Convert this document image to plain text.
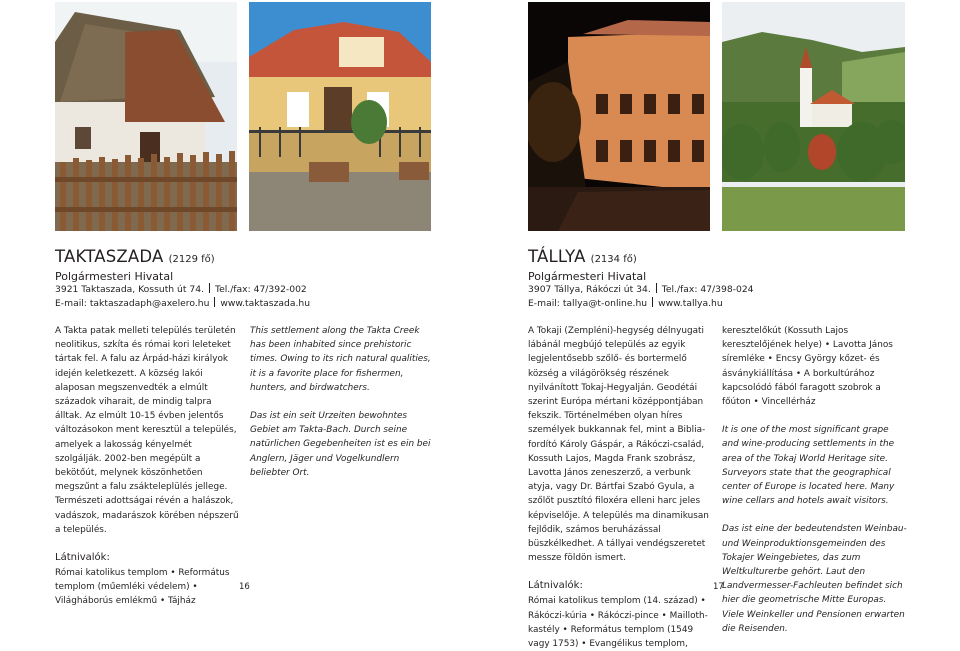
TAKTASZADA (2129 fő)
Polgármesteri Hivatal
3921 Taktaszada, Kossuth út 74. Tel./fax: 47/392-002
E-mail: taktaszadaph@axelero.hu www.taktaszada.hu
TÁLLYA (2134 fő)
Polgármesteri Hivatal
3907 Tállya, Rákóczi út 34. Tel./fax: 47/398-024
E-mail: tallya@t-online.hu www.tallya.hu

A Takta patak melleti település területén neolitikus, szkíta és római kori leleteket tártak fel. A falu az Árpád-házi királyok idején keletkezett. A község lakói alaposan megszenvedték a elmúlt századok viharait, de mindig talpra álltak. Az elmúlt 10-15 évben jelentős változásokon ment keresztül a település, amelyek a lakosság kényelmét szolgálják. 2002-ben megépült a bekötőút, melynek köszönhetően megszűnt a falu zsákteleplülés jellege. Természeti adottságai révén a halászok, vadászok, madarászok körében népszerű a település.

Látnivalók:

Római katolikus templom • Református templom (műemléki védelem) • Világháborús emlékmű • Tájház

This settlement along the Takta Creek has been inhabited since prehistoric times. Owing to its rich natural qualities, it is a favorite place for fishermen, hunters, and birdwatchers.

Das ist ein seit Urzeiten bewohntes Gebiet am Takta-Bach. Durch seine natürlichen Gegebenheiten ist es ein bei Anglern, Jäger und Vogelkundlern beliebter Ort.

A Tokaji (Zempléni)-hegység délnyugati lábánál megbújó település az egyik legjelentősebb szőlő- és bortermelő község a világörökség részének nyilvánított Tokaj-Hegyalján. Geodétái szerint Európa mértani középpontjában fekszik. Történelmében olyan híres személyek bukkannak fel, mint a Biblia-fordító Károly Gáspár, a Rákóczi-család, Kossuth Lajos, Magda Frank szobrász, Lavotta János zeneszerző, a verbunk atyja, vagy Dr. Bártfai Szabó Gyula, a szőlőt pusztító filoxéra elleni harc jeles képviselője. A település ma dinamikusan fejlődik, számos beruházással büszkélkedhet. A tállyai vendégszeretet messze földön ismert.

Látnivalók:

Római katolikus templom (14. század) • Rákóczi-kúria • Rákóczi-pince • Mailloth-kastély • Református templom (1549 vagy 1753) • Evangélikus templom,

keresztelőkút (Kossuth Lajos keresztelőjének helye) • Lavotta János síremléke • Encsy György kőzet- és ásványkiállítása • A borkultúrához kapcsolódó fából faragott szobrok a főúton • Vincellérház

It is one of the most significant grape and wine-producing settlements in the area of the Tokaj World Heritage site. Surveyors state that the geographical center of Europe is located here. Many wine cellars and hotels await visitors.

Das ist eine der bedeutendsten Weinbau- und Weinproduktionsgemeinden des Tokajer Weingebietes, das zum Weltkulturerbe gehört. Laut den Landvermesser-Fachleuten befindet sich hier die geometrische Mitte Europas. Viele Weinkeller und Pensionen erwarten die Reisenden.

16	17
